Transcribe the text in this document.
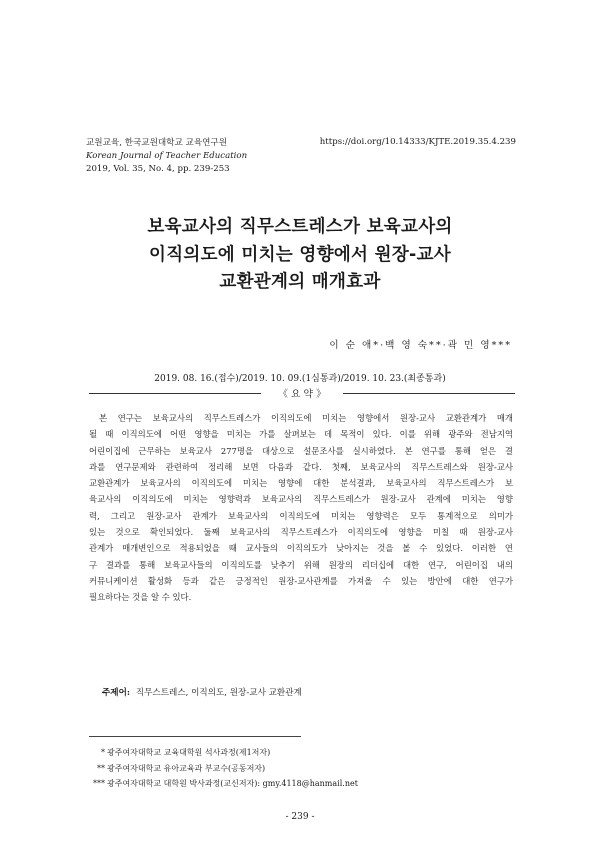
교원교육, 한국교원대학교 교육연구원
Korean Journal of Teacher Education
2019, Vol. 35, No. 4, pp. 239-253
https://doi.org/10.14333/KJTE.2019.35.4.239
보육교사의 직무스트레스가 보육교사의
이직의도에 미치는 영향에서 원장-교사
교환관계의 매개효과
이 순 애*·백 영 숙**·곽 민 영***
2019. 08. 16.(접수)/2019. 10. 09.(1심통과)/2019. 10. 23.(최종통과)
《 요 약 》
본 연구는 보육교사의 직무스트레스가 이직의도에 미치는 영향에서 원장-교사 교환관계가 매개
될 때 이직의도에 어떤 영향을 미치는 가를 살펴보는 데 목적이 있다. 이를 위해 광주와 전남지역
어린이집에 근무하는 보육교사 277명을 대상으로 설문조사를 실시하였다. 본 연구를 통해 얻은 결
과를 연구문제와 관련하여 정리해 보면 다음과 같다. 첫째, 보육교사의 직무스트레스와 원장-교사
교환관계가 보육교사의 이직의도에 미치는 영향에 대한 분석결과, 보육교사의 직무스트레스가 보
육교사의 이직의도에 미치는 영향력과 보육교사의 직무스트레스가 원장-교사 관계에 미치는 영향
력, 그리고 원장-교사 관계가 보육교사의 이직의도에 미치는 영향력은 모두 통계적으로 의미가
있는 것으로 확인되었다. 둘째 보육교사의 직무스트레스가 이직의도에 영향을 미칠 때 원장-교사
관계가 매개변인으로 적용되었을 때 교사들의 이직의도가 낮아지는 것을 볼 수 있었다. 이러한 연
구 결과를 통해 보육교사들의 이직의도를 낮추기 위해 원장의 리더십에 대한 연구, 어린이집 내의
커뮤니케이션 활성화 등과 같은 긍정적인 원장-교사관계를 가져올 수 있는 방안에 대한 연구가
필요하다는 것을 알 수 있다.
주제어: 직무스트레스, 이직의도, 원장-교사 교환관계
* 광주여자대학교 교육대학원 석사과정(제1저자)
** 광주여자대학교 유아교육과 부교수(공동저자)
*** 광주여자대학교 대학원 박사과정(교신저자): gmy.4118@hanmail.net
- 239 -
